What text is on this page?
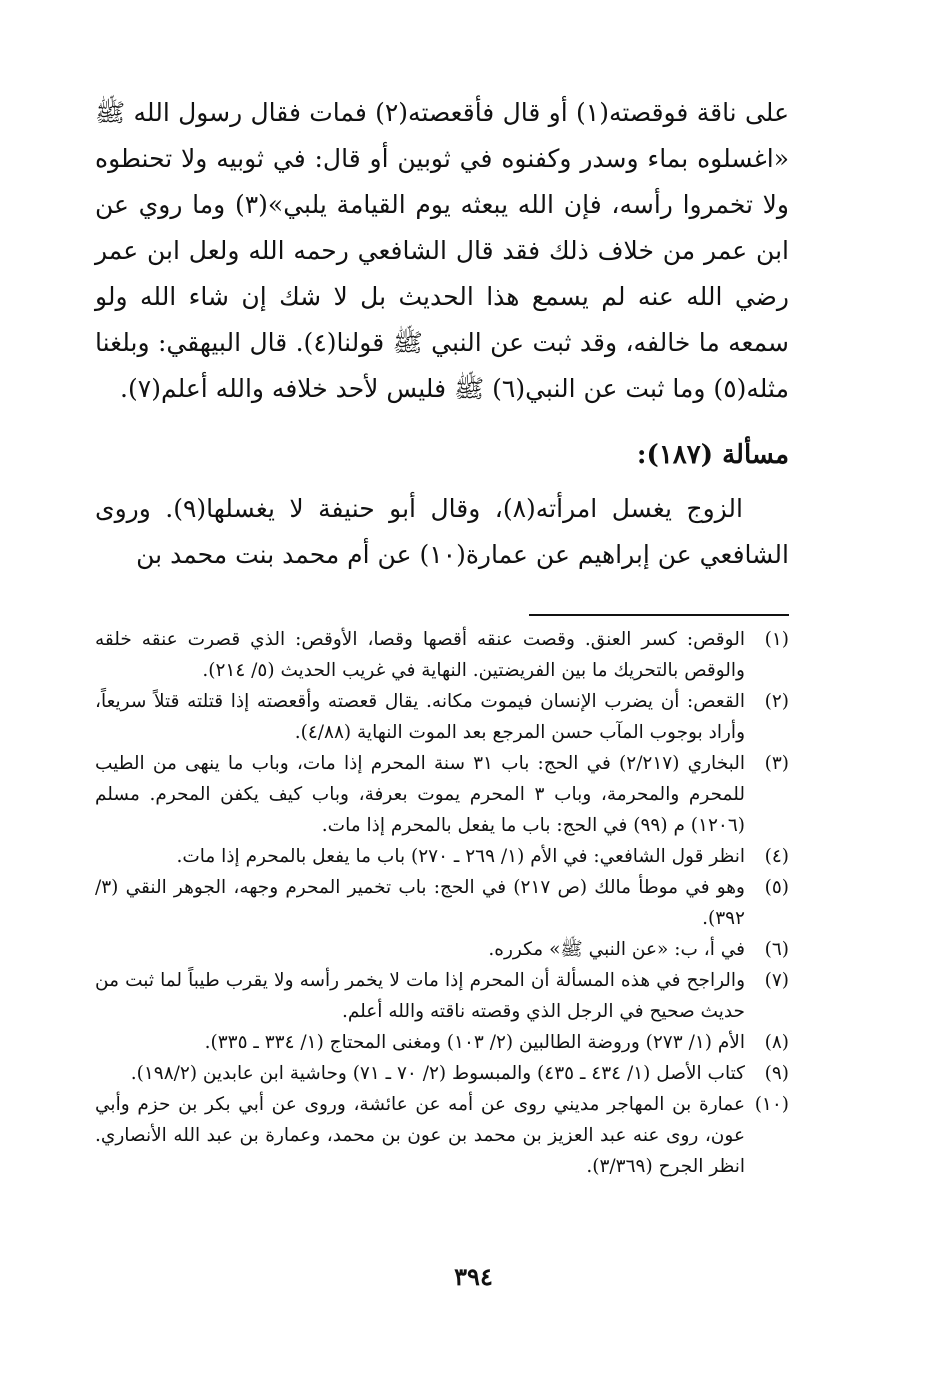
على ناقة فوقصته(١) أو قال فأقعصته(٢) فمات فقال رسول الله ﷺ «اغسلوه بماء وسدر وكفنوه في ثوبين أو قال: في ثوبيه ولا تحنطوه ولا تخمروا رأسه، فإن الله يبعثه يوم القيامة يلبي»(٣) وما روي عن ابن عمر من خلاف ذلك فقد قال الشافعي رحمه الله ولعل ابن عمر رضي الله عنه لم يسمع هذا الحديث بل لا شك إن شاء الله ولو سمعه ما خالفه، وقد ثبت عن النبي ﷺ قولنا(٤). قال البيهقي: وبلغنا مثله(٥) وما ثبت عن النبي(٦) ﷺ فليس لأحد خلافه والله أعلم(٧).

مسألة (١٨٧):

الزوج يغسل امرأته(٨)، وقال أبو حنيفة لا يغسلها(٩). وروى الشافعي عن إبراهيم عن عمارة(١٠) عن أم محمد بنت محمد بن

(١)
الوقص: كسر العنق. وقصت عنقه أقصها وقصا، الأوقص: الذي قصرت عنقه خلقه والوقص بالتحريك ما بين الفريضتين. النهاية في غريب الحديث (٥/ ٢١٤).
(٢)
القعص: أن يضرب الإنسان فيموت مكانه. يقال قعصته وأقعصته إذا قتلته قتلاً سريعاً، وأراد بوجوب المآب حسن المرجع بعد الموت النهاية (٤/٨٨).
(٣)
البخاري (٢/٢١٧) في الحج: باب ٣١ سنة المحرم إذا مات، وباب ما ينهى من الطيب للمحرم والمحرمة، وباب ٣ المحرم يموت بعرفة، وباب كيف يكفن المحرم. مسلم (١٢٠٦) م (٩٩) في الحج: باب ما يفعل بالمحرم إذا مات.
(٤)
انظر قول الشافعي: في الأم (١/ ٢٦٩ ـ ٢٧٠) باب ما يفعل بالمحرم إذا مات.
(٥)
وهو في موطأ مالك (ص ٢١٧) في الحج: باب تخمير المحرم وجهه، الجوهر النقي (٣/ ٣٩٢).
(٦)
في أ، ب: «عن النبي ﷺ» مكرره.
(٧)
والراجح في هذه المسألة أن المحرم إذا مات لا يخمر رأسه ولا يقرب طيباً لما ثبت من حديث صحيح في الرجل الذي وقصته ناقته والله أعلم.
(٨)
الأم (١/ ٢٧٣) وروضة الطالبين (٢/ ١٠٣) ومغنى المحتاج (١/ ٣٣٤ ـ ٣٣٥).
(٩)
كتاب الأصل (١/ ٤٣٤ ـ ٤٣٥) والمبسوط (٢/ ٧٠ ـ ٧١) وحاشية ابن عابدين (١٩٨/٢).
(١٠)
عمارة بن المهاجر مديني روى عن أمه عن عائشة، وروى عن أبي بكر بن حزم وأبي عون، روى عنه عبد العزيز بن محمد بن عون بن محمد، وعمارة بن عبد الله الأنصاري. انظر الجرح (٣/٣٦٩).
٣٩٤
